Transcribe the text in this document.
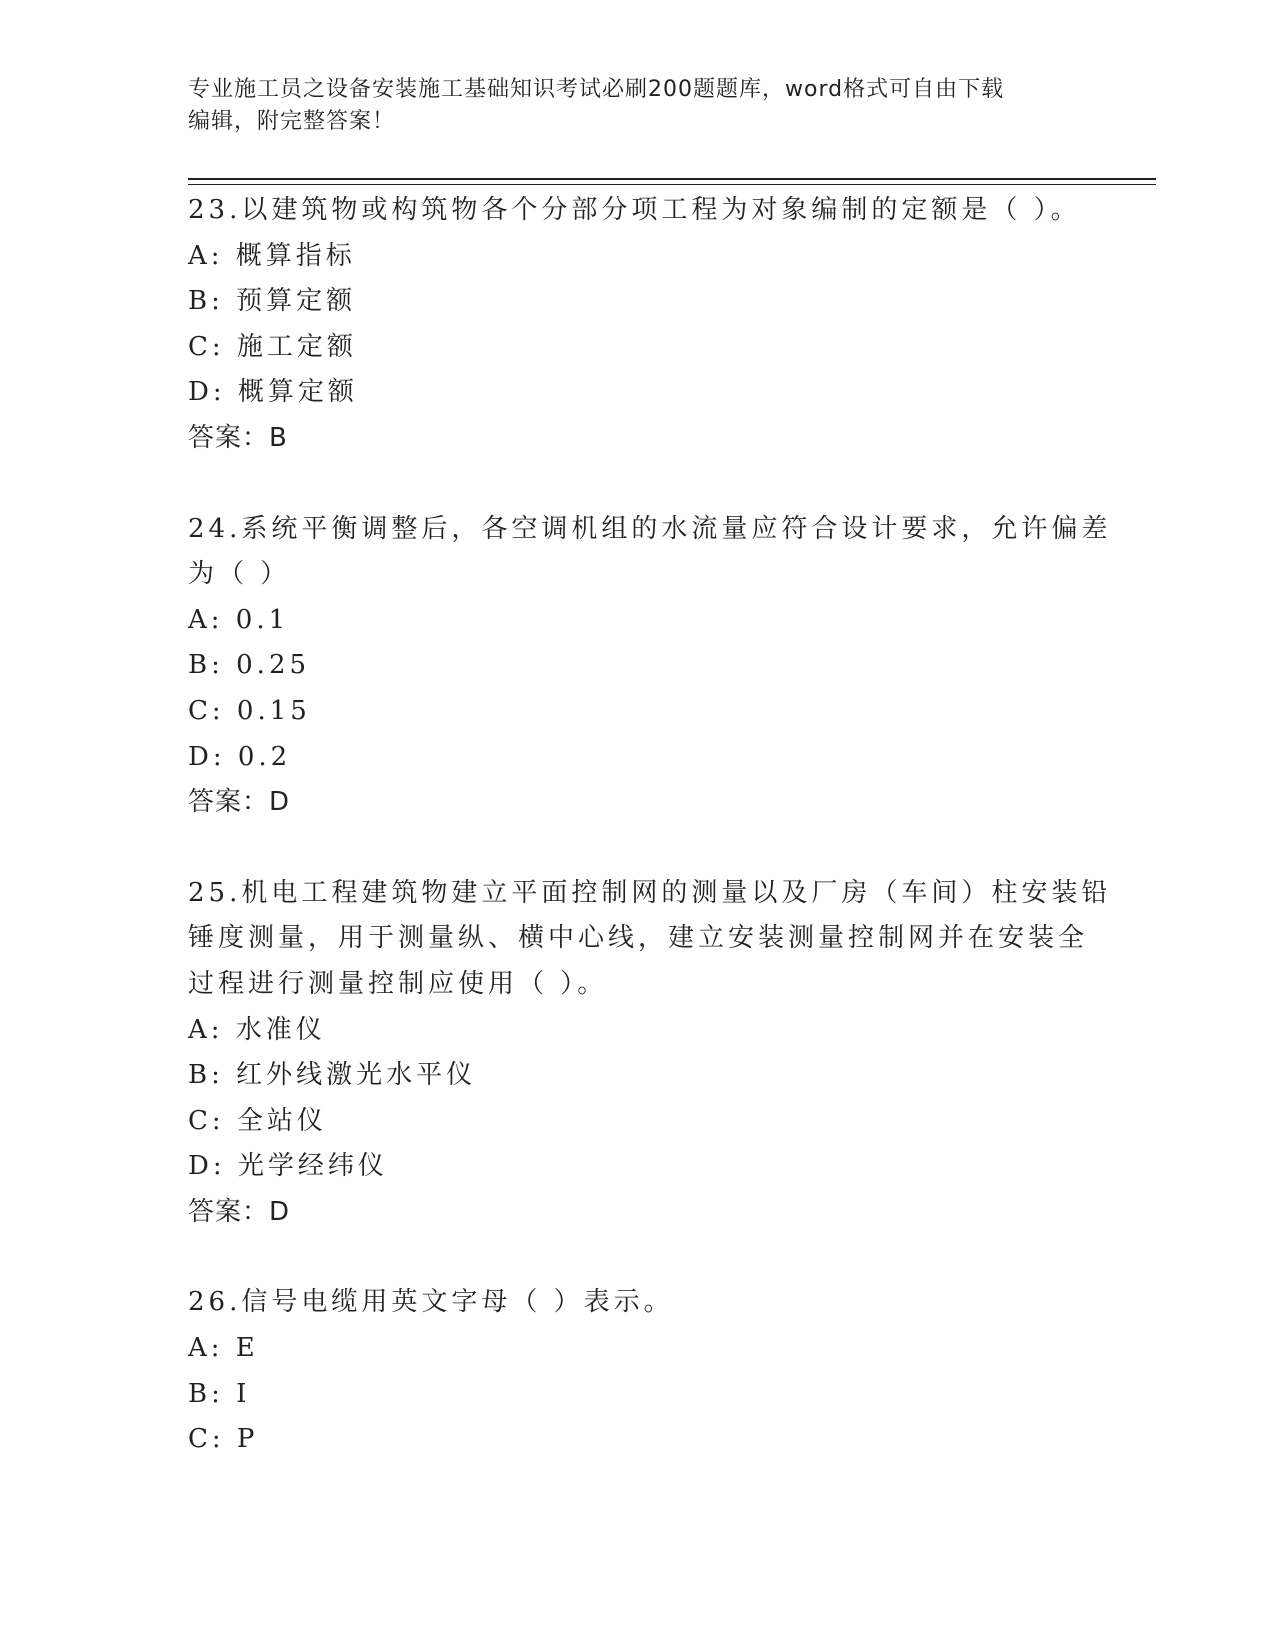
专业施工员之设备安装施工基础知识考试必刷200题题库，word格式可自由下载
编辑，附完整答案！
23.以建筑物或构筑物各个分部分项工程为对象编制的定额是（ ）。
A: 概算指标
B: 预算定额
C: 施工定额
D: 概算定额
答案：B
24.系统平衡调整后，各空调机组的水流量应符合设计要求，允许偏差
为（ ）
A: 0.1
B: 0.25
C: 0.15
D: 0.2
答案：D
25.机电工程建筑物建立平面控制网的测量以及厂房（车间）柱安装铅
锤度测量，用于测量纵、横中心线，建立安装测量控制网并在安装全
过程进行测量控制应使用（ ）。
A: 水准仪
B: 红外线激光水平仪
C: 全站仪
D: 光学经纬仪
答案：D
26.信号电缆用英文字母（ ）表示。
A: E
B: I
C: P
